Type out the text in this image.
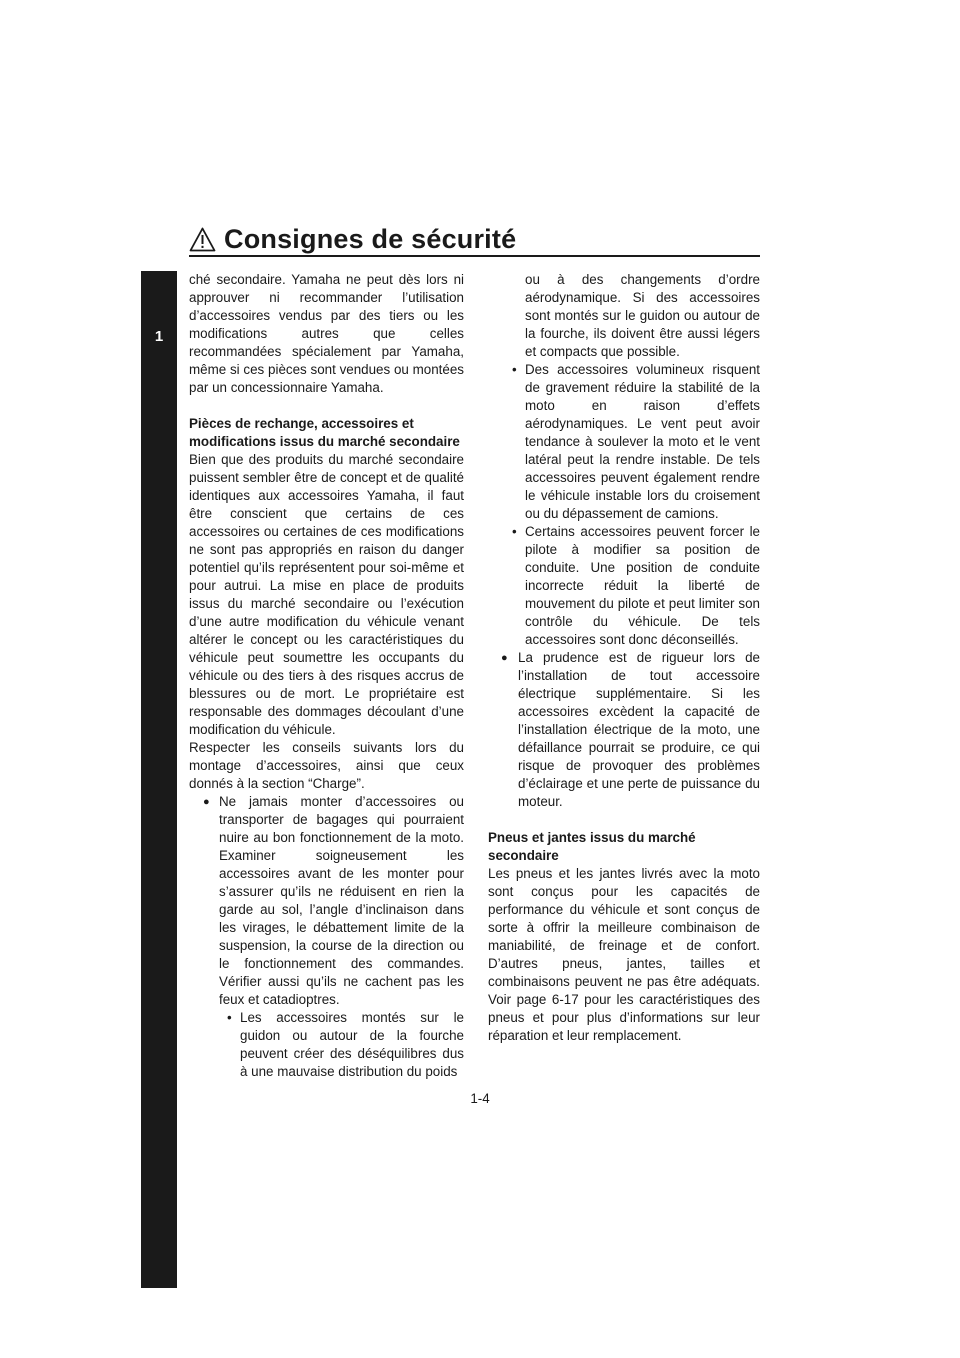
Consignes de sécurité
1

ché secondaire. Yamaha ne peut dès lors ni approuver ni recommander l’utilisation d’accessoires vendus par des tiers ou les modifications autres que celles recommandées spécialement par Yamaha, même si ces pièces sont vendues ou montées par un concessionnaire Yamaha.

Pièces de rechange, accessoires et modifications issus du marché secondaire

Bien que des produits du marché secondaire puissent sembler être de concept et de qualité identiques aux accessoires Yamaha, il faut être conscient que certains de ces accessoires ou certaines de ces modifications ne sont pas appropriés en raison du danger potentiel qu’ils représentent pour soi-même et pour autrui. La mise en place de produits issus du marché secondaire ou l’exécution d’une autre modification du véhicule venant altérer le concept ou les caractéristiques du véhicule peut soumettre les occupants du véhicule ou des tiers à des risques accrus de blessures ou de mort. Le propriétaire est responsable des dommages découlant d’une modification du véhicule.

Respecter les conseils suivants lors du montage d’accessoires, ainsi que ceux donnés à la section “Charge”.

● Ne jamais monter d’accessoires ou transporter de bagages qui pourraient nuire au bon fonctionnement de la moto. Examiner soigneusement les accessoires avant de les monter pour s’assurer qu’ils ne réduisent en rien la garde au sol, l’angle d’inclinaison dans les virages, le débattement limite de la suspension, la course de la direction ou le fonctionnement des commandes. Vérifier aussi qu’ils ne cachent pas les feux et catadioptres.
• Les accessoires montés sur le guidon ou autour de la fourche peuvent créer des déséquilibres dus à une mauvaise distribution du poids
ou à des changements d’ordre aérodynamique. Si des accessoires sont montés sur le guidon ou autour de la fourche, ils doivent être aussi légers et compacts que possible.
• Des accessoires volumineux risquent de gravement réduire la stabilité de la moto en raison d’effets aérodynamiques. Le vent peut avoir tendance à soulever la moto et le vent latéral peut la rendre instable. De tels accessoires peuvent également rendre le véhicule instable lors du croisement ou du dépassement de camions.
• Certains accessoires peuvent forcer le pilote à modifier sa position de conduite. Une position de conduite incorrecte réduit la liberté de mouvement du pilote et peut limiter son contrôle du véhicule. De tels accessoires sont donc déconseillés.
● La prudence est de rigueur lors de l’installation de tout accessoire électrique supplémentaire. Si les accessoires excèdent la capacité de l’installation électrique de la moto, une défaillance pourrait se produire, ce qui risque de provoquer des problèmes d’éclairage et une perte de puissance du moteur.

Pneus et jantes issus du marché secondaire

Les pneus et les jantes livrés avec la moto sont conçus pour les capacités de performance du véhicule et sont conçus de sorte à offrir la meilleure combinaison de maniabilité, de freinage et de confort. D’autres pneus, jantes, tailles et combinaisons peuvent ne pas être adéquats. Voir page 6-17 pour les caractéristiques des pneus et pour plus d’informations sur leur réparation et leur remplacement.

1-4
